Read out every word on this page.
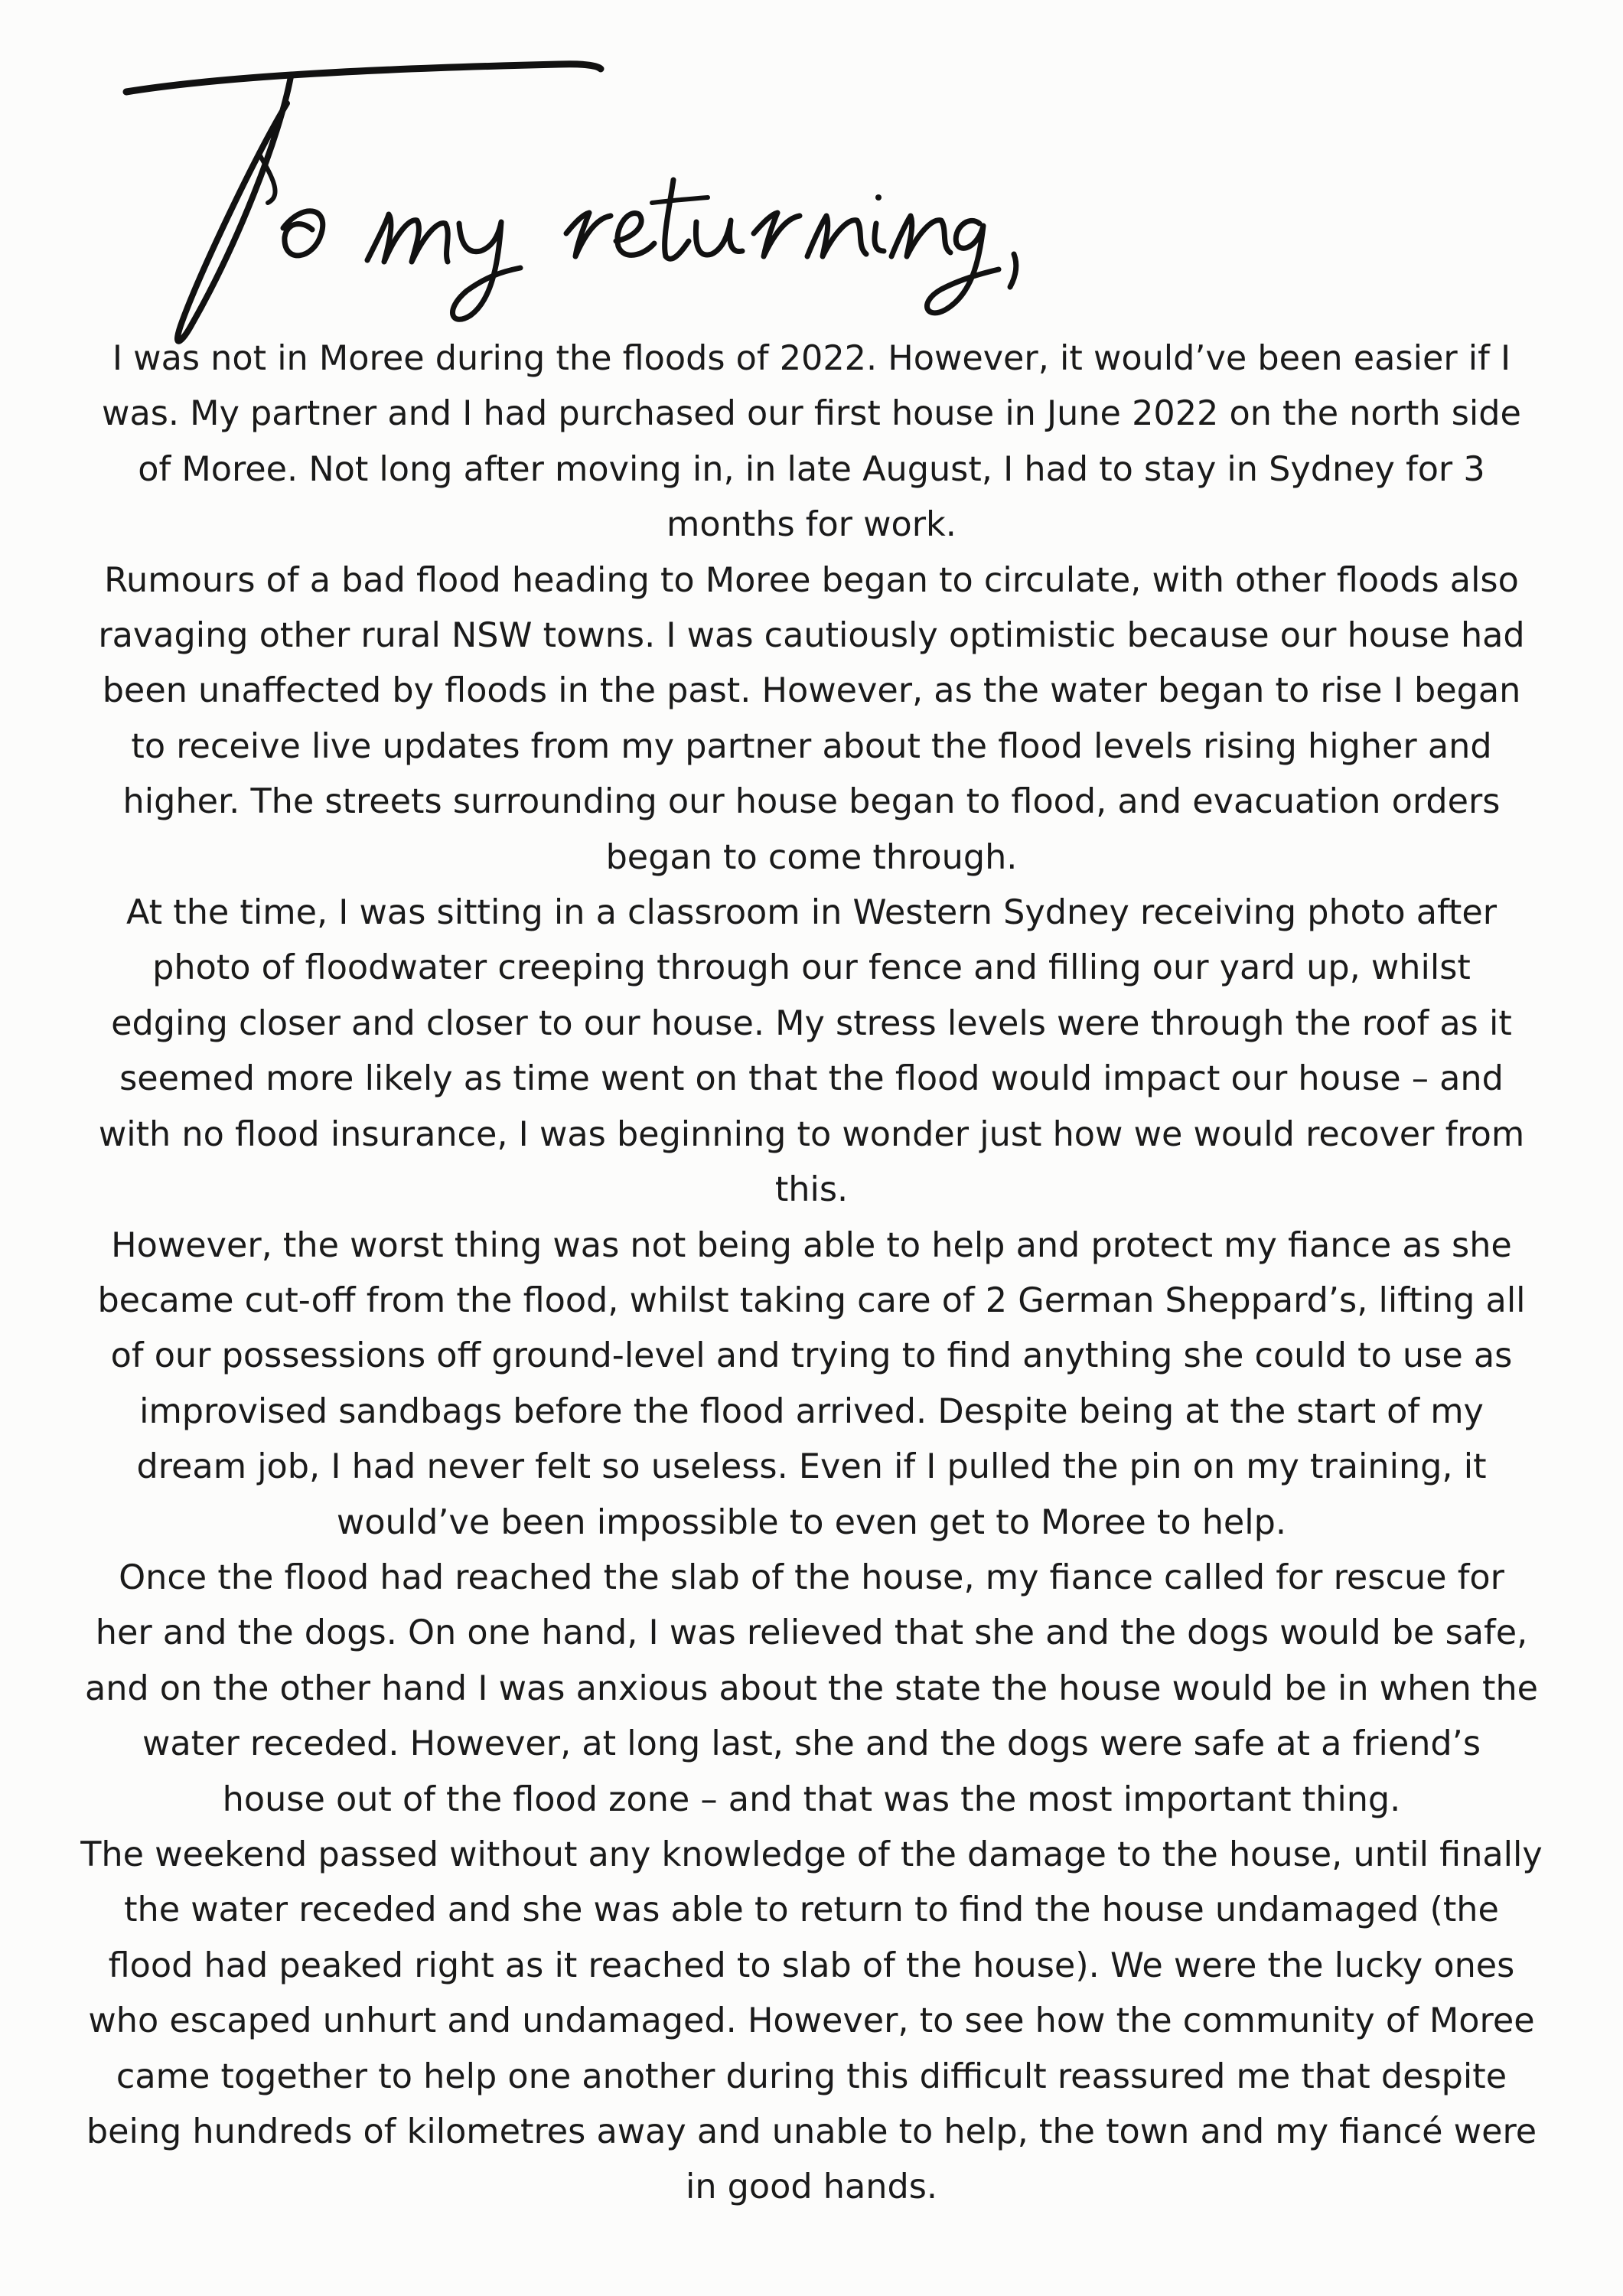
I was not in Moree during the floods of 2022. However, it would’ve been easier if I
was. My partner and I had purchased our first house in June 2022 on the north side
of Moree. Not long after moving in, in late August, I had to stay in Sydney for 3
months for work.

Rumours of a bad flood heading to Moree began to circulate, with other floods also
ravaging other rural NSW towns. I was cautiously optimistic because our house had
been unaffected by floods in the past. However, as the water began to rise I began
to receive live updates from my partner about the flood levels rising higher and
higher. The streets surrounding our house began to flood, and evacuation orders
began to come through.

At the time, I was sitting in a classroom in Western Sydney receiving photo after
photo of floodwater creeping through our fence and filling our yard up, whilst
edging closer and closer to our house. My stress levels were through the roof as it
seemed more likely as time went on that the flood would impact our house – and
with no flood insurance, I was beginning to wonder just how we would recover from
this.

However, the worst thing was not being able to help and protect my fiance as she
became cut-off from the flood, whilst taking care of 2 German Sheppard’s, lifting all
of our possessions off ground-level and trying to find anything she could to use as
improvised sandbags before the flood arrived. Despite being at the start of my
dream job, I had never felt so useless. Even if I pulled the pin on my training, it
would’ve been impossible to even get to Moree to help.

Once the flood had reached the slab of the house, my fiance called for rescue for
her and the dogs. On one hand, I was relieved that she and the dogs would be safe,
and on the other hand I was anxious about the state the house would be in when the
water receded. However, at long last, she and the dogs were safe at a friend’s
house out of the flood zone – and that was the most important thing.

The weekend passed without any knowledge of the damage to the house, until finally
the water receded and she was able to return to find the house undamaged (the
flood had peaked right as it reached to slab of the house). We were the lucky ones
who escaped unhurt and undamaged. However, to see how the community of Moree
came together to help one another during this difficult reassured me that despite
being hundreds of kilometres away and unable to help, the town and my fiancé were
in good hands.
